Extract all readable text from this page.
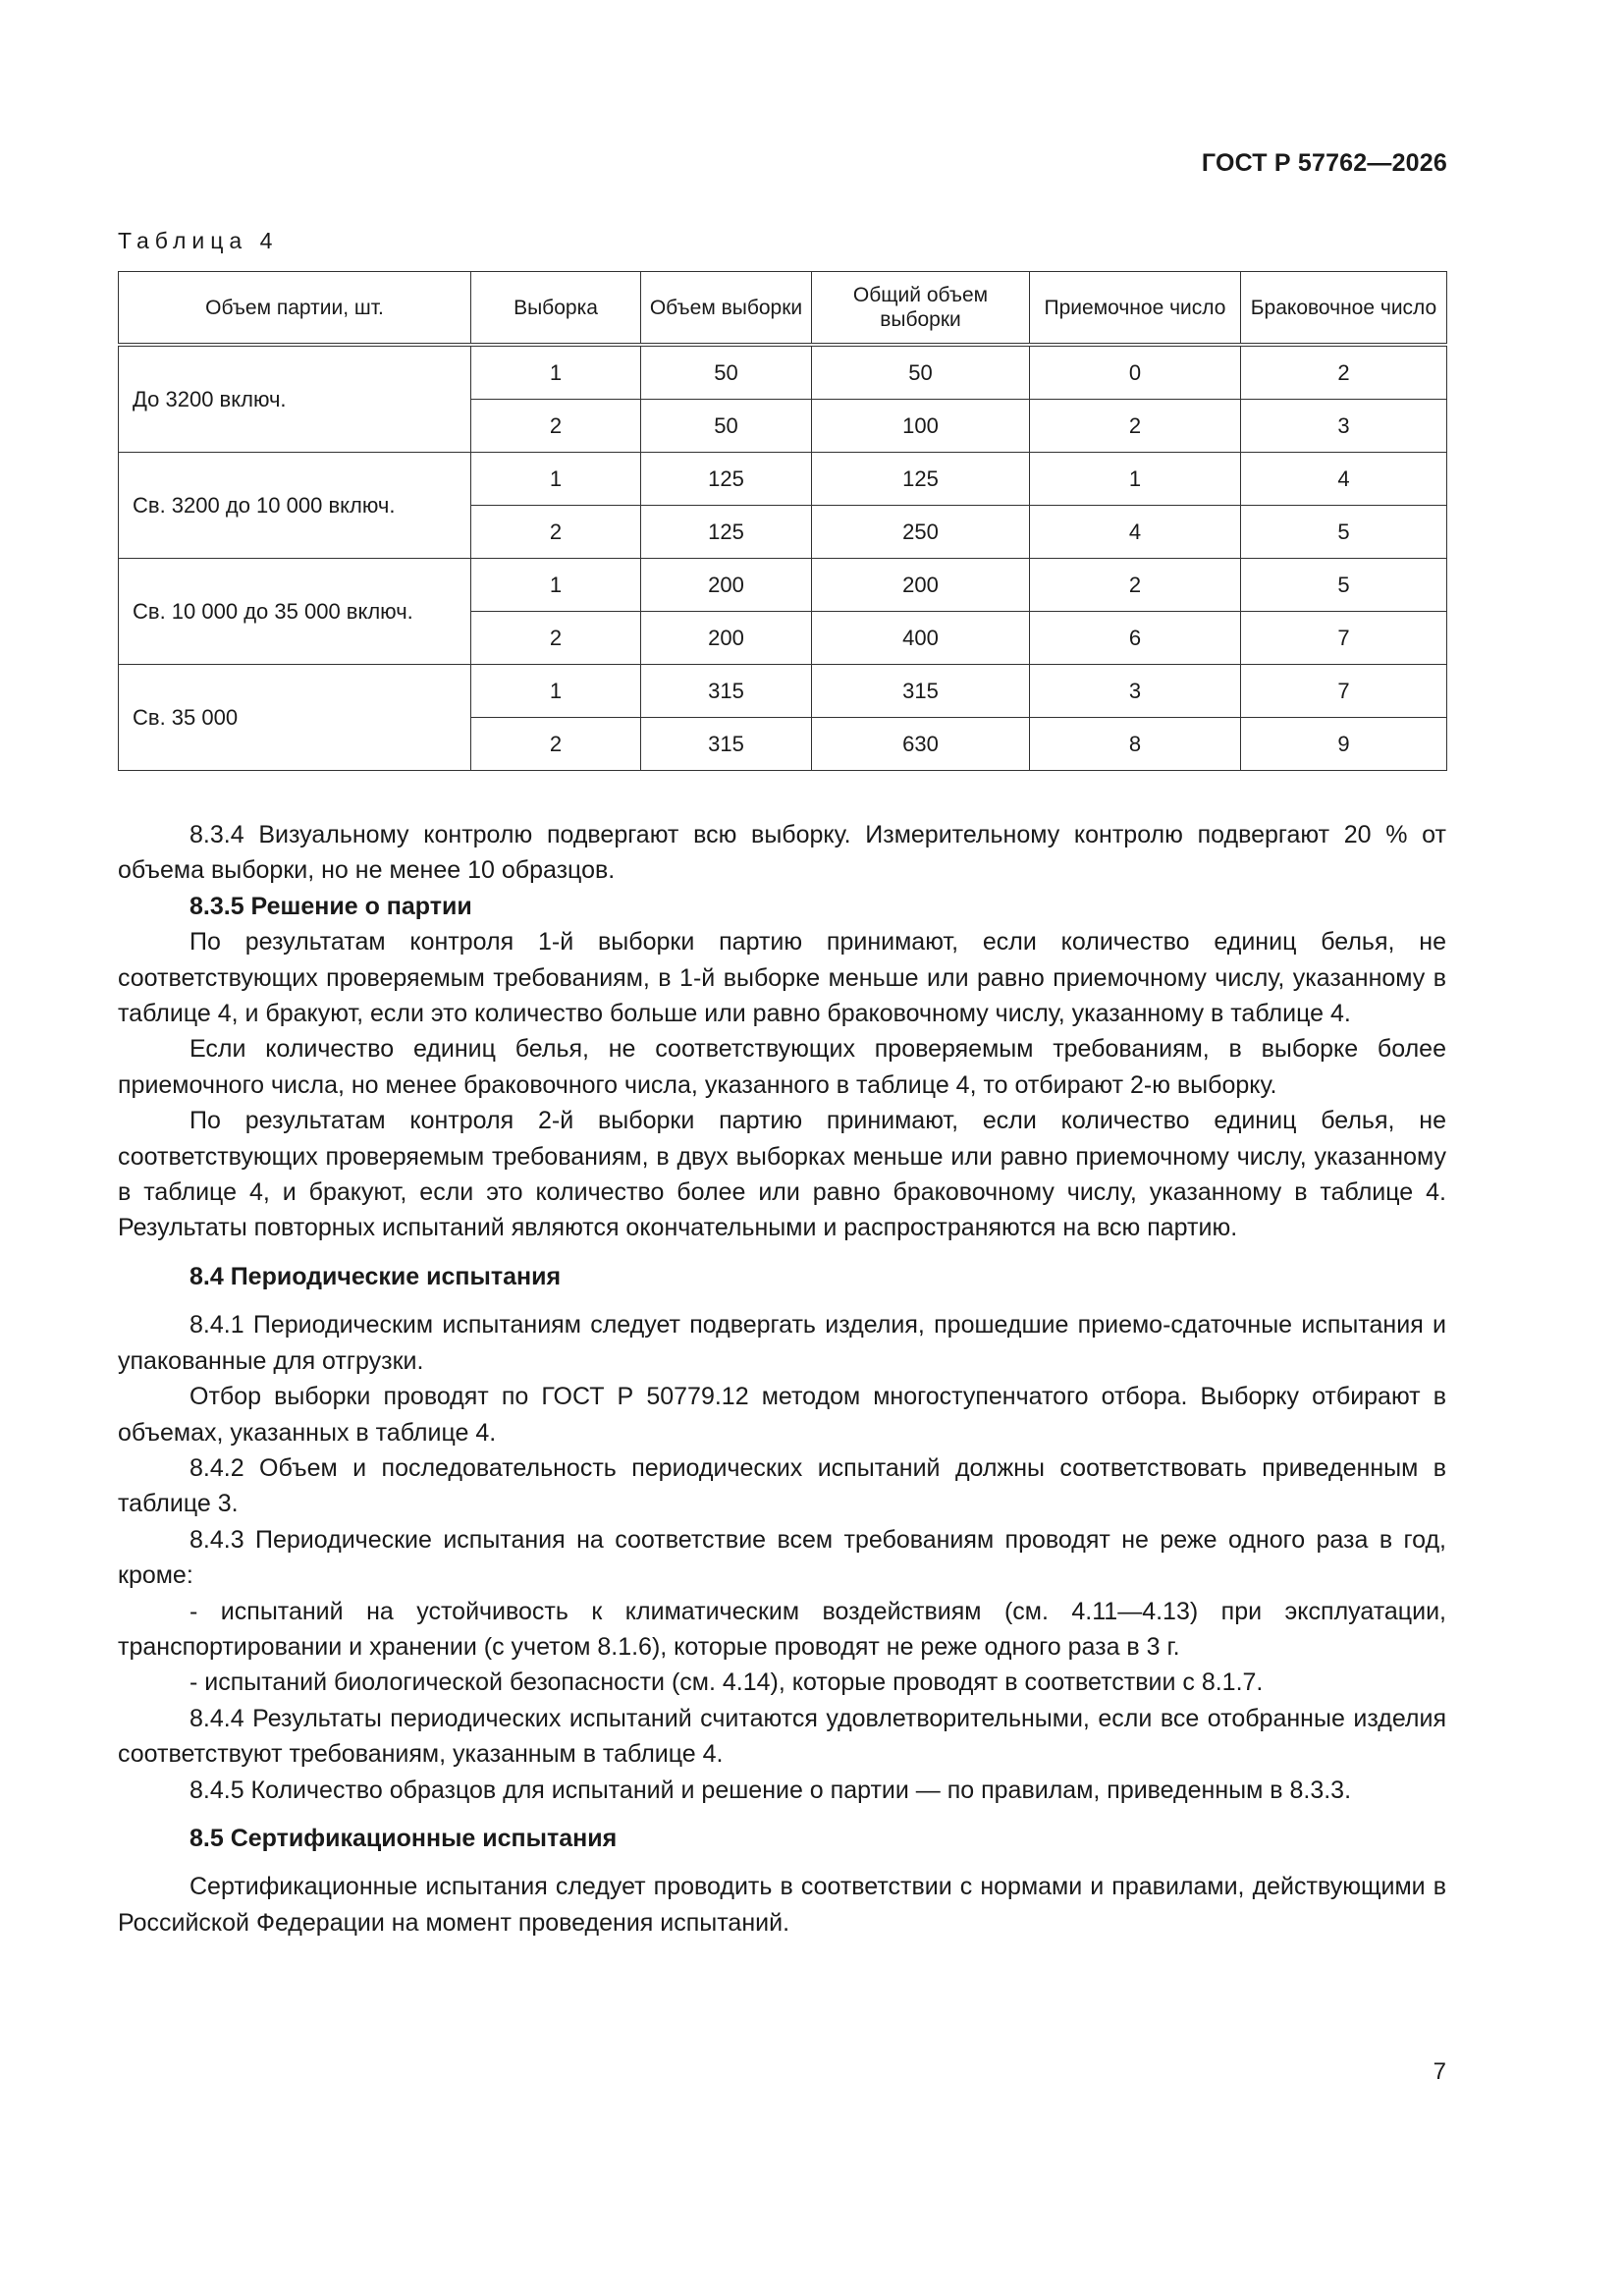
ГОСТ Р 57762—2026
Таблица 4
Объем партии, шт.	Выборка	Объем выборки	Общий объем выборки	Приемочное число	Браковочное число
До 3200 включ.	1	50	50	0	2
	2	50	100	2	3
Св. 3200 до 10 000 включ.	1	125	125	1	4
	2	125	250	4	5
Св. 10 000 до 35 000 включ.	1	200	200	2	5
	2	200	400	6	7
Св. 35 000	1	315	315	3	7
	2	315	630	8	9

8.3.4 Визуальному контролю подвергают всю выборку. Измерительному контролю подвергают 20 % от объема выборки, но не менее 10 образцов.

8.3.5 Решение о партии

По результатам контроля 1-й выборки партию принимают, если количество единиц белья, не соответствующих проверяемым требованиям, в 1-й выборке меньше или равно приемочному числу, указанному в таблице 4, и бракуют, если это количество больше или равно браковочному числу, указанному в таблице 4.

Если количество единиц белья, не соответствующих проверяемым требованиям, в выборке более приемочного числа, но менее браковочного числа, указанного в таблице 4, то отбирают 2-ю выборку.

По результатам контроля 2-й выборки партию принимают, если количество единиц белья, не соответствующих проверяемым требованиям, в двух выборках меньше или равно приемочному числу, указанному в таблице 4, и бракуют, если это количество более или равно браковочному числу, указанному в таблице 4. Результаты повторных испытаний являются окончательными и распространяются на всю партию.

8.4 Периодические испытания

8.4.1 Периодическим испытаниям следует подвергать изделия, прошедшие приемо-сдаточные испытания и упакованные для отгрузки.

Отбор выборки проводят по ГОСТ Р 50779.12 методом многоступенчатого отбора. Выборку отбирают в объемах, указанных в таблице 4.

8.4.2 Объем и последовательность периодических испытаний должны соответствовать приведенным в таблице 3.

8.4.3 Периодические испытания на соответствие всем требованиям проводят не реже одного раза в год, кроме:

- испытаний на устойчивость к климатическим воздействиям (см. 4.11—4.13) при эксплуатации, транспортировании и хранении (с учетом 8.1.6), которые проводят не реже одного раза в 3 г.

- испытаний биологической безопасности (см. 4.14), которые проводят в соответствии с 8.1.7.

8.4.4 Результаты периодических испытаний считаются удовлетворительными, если все отобранные изделия соответствуют требованиям, указанным в таблице 4.

8.4.5 Количество образцов для испытаний и решение о партии — по правилам, приведенным в 8.3.3.

8.5 Сертификационные испытания

Сертификационные испытания следует проводить в соответствии с нормами и правилами, действующими в Российской Федерации на момент проведения испытаний.

7
